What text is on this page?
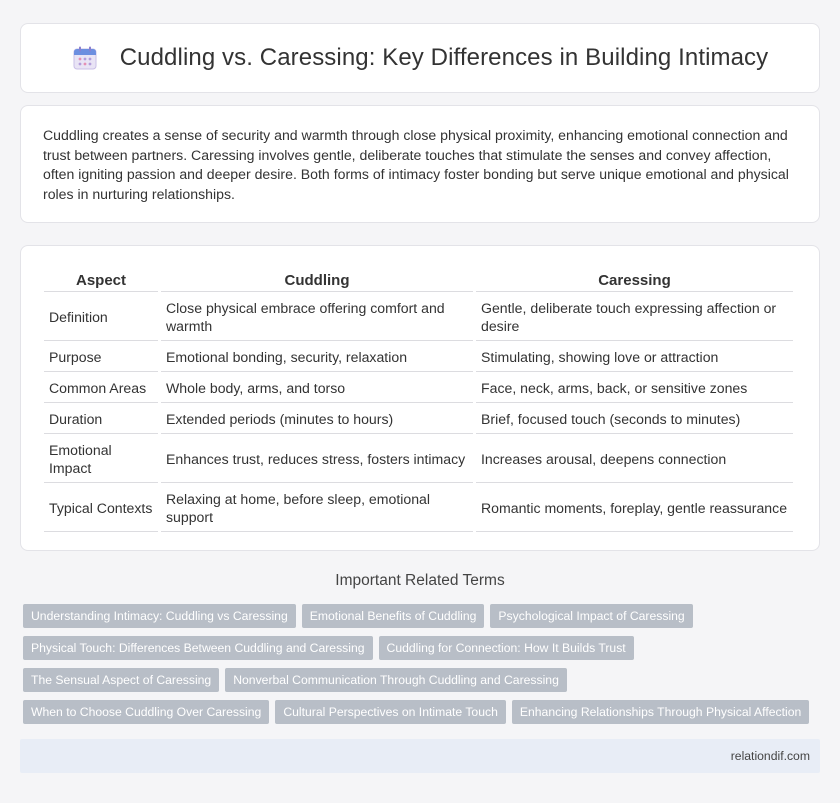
Cuddling vs. Caressing: Key Differences in Building Intimacy

Cuddling creates a sense of security and warmth through close physical proximity, enhancing emotional connection and trust between partners. Caressing involves gentle, deliberate touches that stimulate the senses and convey affection, often igniting passion and deeper desire. Both forms of intimacy foster bonding but serve unique emotional and physical roles in nurturing relationships.

Aspect	Cuddling	Caressing
Definition	Close physical embrace offering comfort and warmth	Gentle, deliberate touch expressing affection or desire
Purpose	Emotional bonding, security, relaxation	Stimulating, showing love or attraction
Common Areas	Whole body, arms, and torso	Face, neck, arms, back, or sensitive zones
Duration	Extended periods (minutes to hours)	Brief, focused touch (seconds to minutes)
Emotional Impact	Enhances trust, reduces stress, fosters intimacy	Increases arousal, deepens connection
Typical Contexts	Relaxing at home, before sleep, emotional support	Romantic moments, foreplay, gentle reassurance
Important Related Terms
Understanding Intimacy: Cuddling vs Caressing	Emotional Benefits of Cuddling	Psychological Impact of Caressing
Physical Touch: Differences Between Cuddling and Caressing	Cuddling for Connection: How It Builds Trust
The Sensual Aspect of Caressing	Nonverbal Communication Through Cuddling and Caressing
When to Choose Cuddling Over Caressing	Cultural Perspectives on Intimate Touch	Enhancing Relationships Through Physical Affection
relationdif.com
